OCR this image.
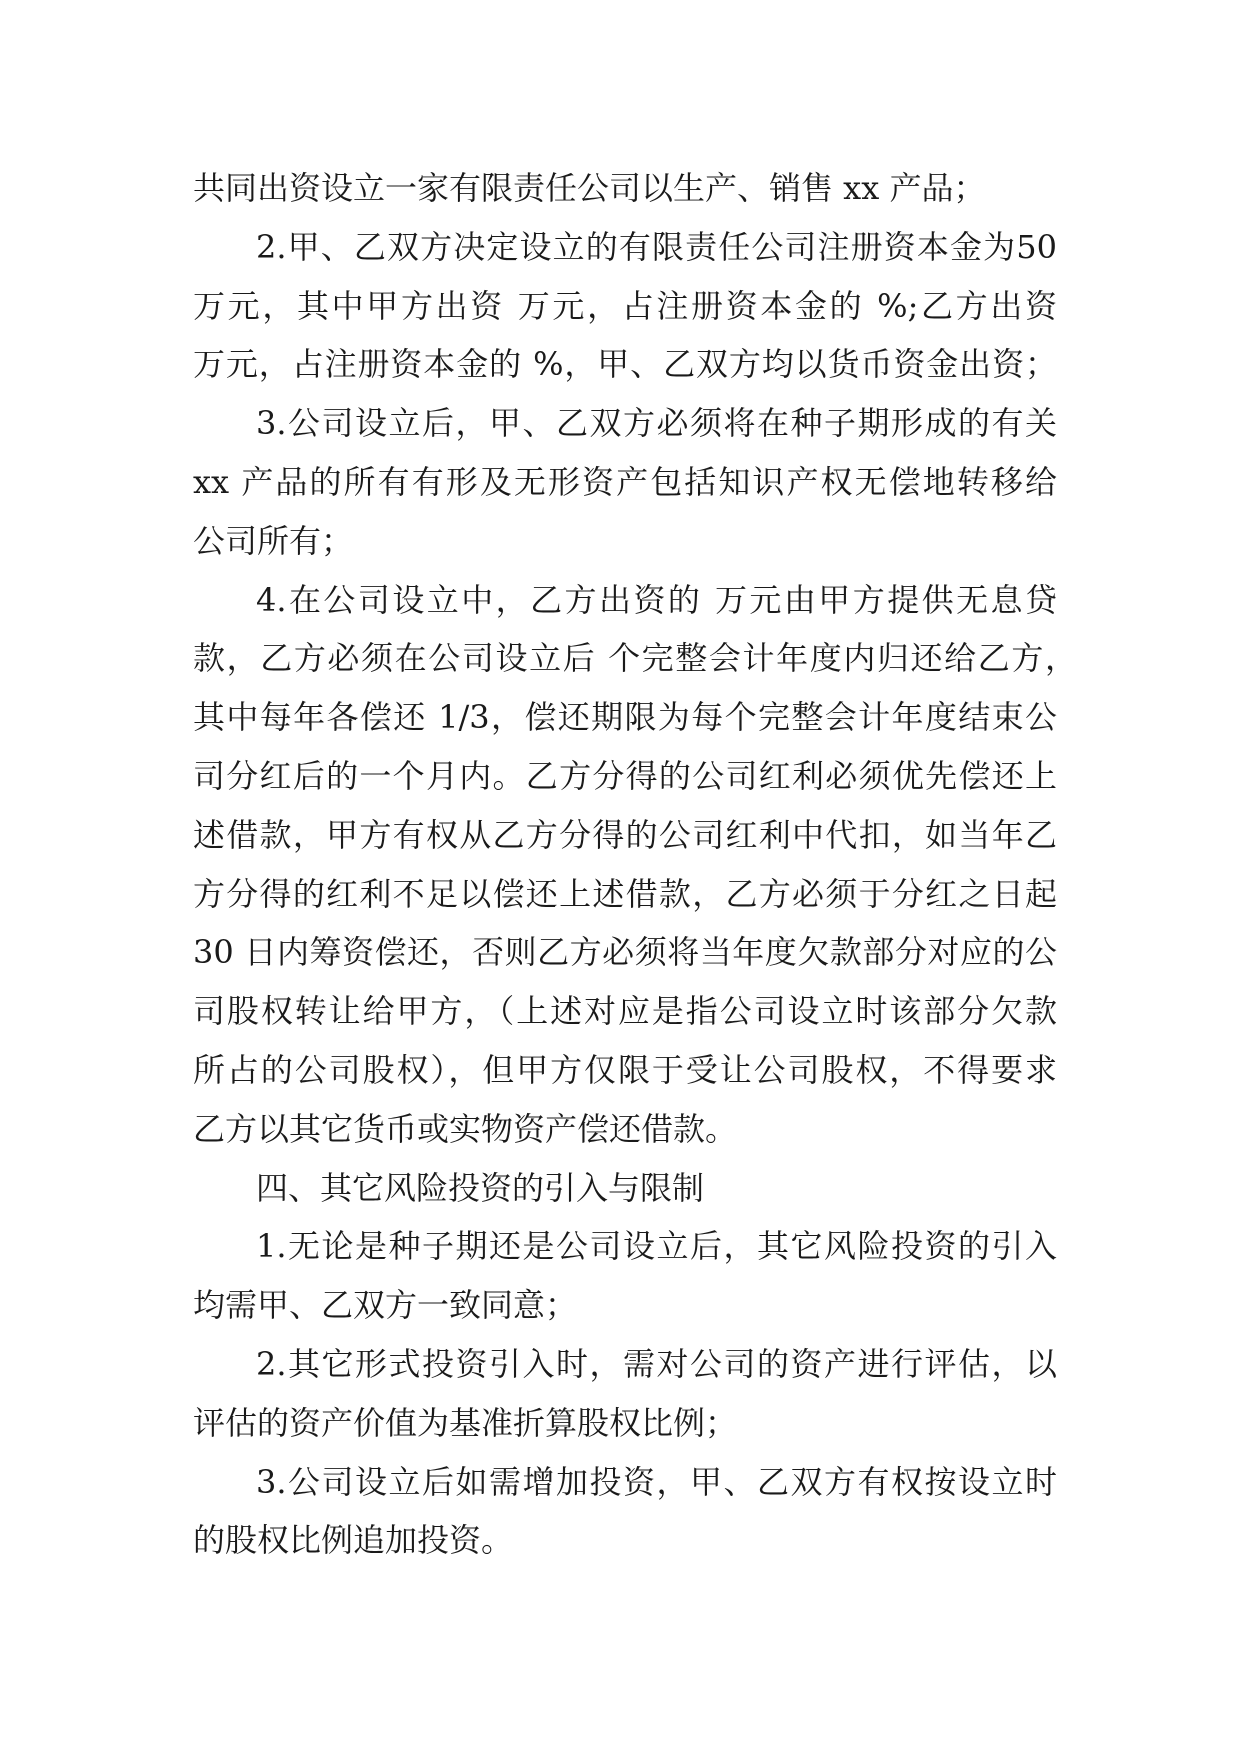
共同出资设立一家有限责任公司以生产、销售 xx 产品；
2.甲、乙双方决定设立的有限责任公司注册资本金为50
万元，其中甲方出资 万元，占注册资本金的 %;乙方出资
万元，占注册资本金的 %，甲、乙双方均以货币资金出资；
3.公司设立后，甲、乙双方必须将在种子期形成的有关
xx 产品的所有有形及无形资产包括知识产权无偿地转移给
公司所有；
4.在公司设立中，乙方出资的 万元由甲方提供无息贷
款，乙方必须在公司设立后 个完整会计年度内归还给乙方，
其中每年各偿还 1/3，偿还期限为每个完整会计年度结束公
司分红后的一个月内。乙方分得的公司红利必须优先偿还上
述借款，甲方有权从乙方分得的公司红利中代扣，如当年乙
方分得的红利不足以偿还上述借款，乙方必须于分红之日起
30 日内筹资偿还，否则乙方必须将当年度欠款部分对应的公
司股权转让给甲方，（上述对应是指公司设立时该部分欠款
所占的公司股权），但甲方仅限于受让公司股权，不得要求
乙方以其它货币或实物资产偿还借款。
四、其它风险投资的引入与限制
1.无论是种子期还是公司设立后，其它风险投资的引入
均需甲、乙双方一致同意；
2.其它形式投资引入时，需对公司的资产进行评估，以
评估的资产价值为基准折算股权比例；
3.公司设立后如需增加投资，甲、乙双方有权按设立时
的股权比例追加投资。
